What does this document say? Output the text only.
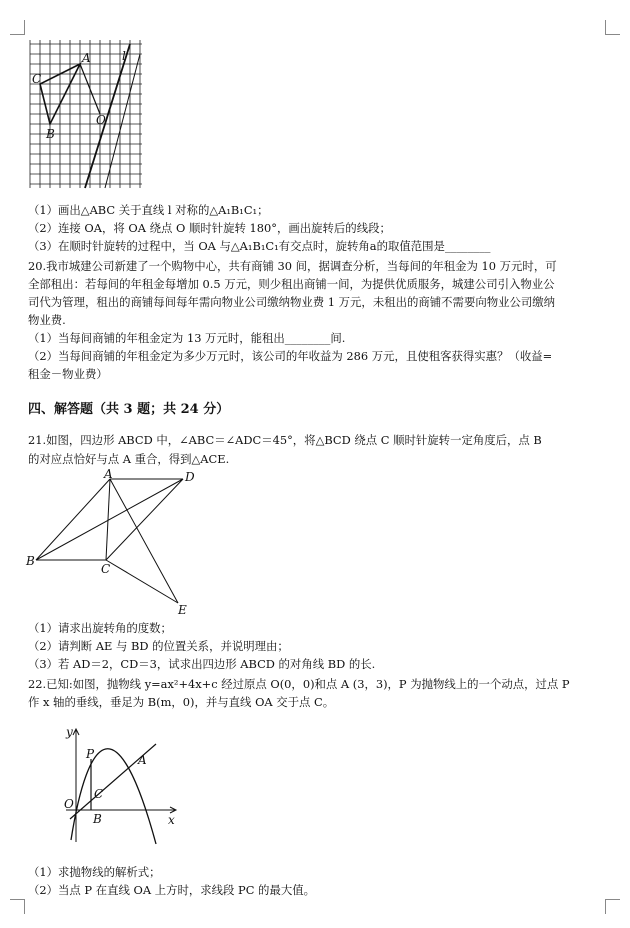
A
C
B
O
l
（1）画出△ABC 关于直线 l 对称的△A₁B₁C₁；
（2）连接 OA，将 OA 绕点 O 顺时针旋转 180°，画出旋转后的线段；
（3）在顺时针旋转的过程中，当 OA 与△A₁B₁C₁有交点时，旋转角a的取值范围是________
20.我市城建公司新建了一个购物中心，共有商铺 30 间，据调查分析，当每间的年租金为 10 万元时，可
全部租出：若每间的年租金每增加 0.5 万元，则少租出商铺一间，为提供优质服务，城建公司引入物业公
司代为管理，租出的商铺每间每年需向物业公司缴纳物业费 1 万元，未租出的商铺不需要向物业公司缴纳
物业费.
（1）当每间商铺的年租金定为 13 万元时，能租出________间.
（2）当每间商铺的年租金定为多少万元时，该公司的年收益为 286 万元，且使租客获得实惠？（收益=
租金－物业费）
四、解答题（共 3 题；共 24 分）
21.如图，四边形 ABCD 中，∠ABC＝∠ADC＝45°，将△BCD 绕点 C 顺时针旋转一定角度后，点 B
的对应点恰好与点 A 重合，得到△ACE.
A	D
B
C
E
（1）请求出旋转角的度数；
（2）请判断 AE 与 BD 的位置关系，并说明理由；
（3）若 AD＝2，CD＝3，试求出四边形 ABCD 的对角线 BD 的长.
22.已知:如图，抛物线 y=ax²+4x+c 经过原点 O(0，0)和点 A (3，3)，P 为抛物线上的一个动点，过点 P
作 x 轴的垂线，垂足为 B(m，0)，并与直线 OA 交于点 C。
y
x
O
P	A
B
C
（1）求抛物线的解析式；
（2）当点 P 在直线 OA 上方时，求线段 PC 的最大值。
